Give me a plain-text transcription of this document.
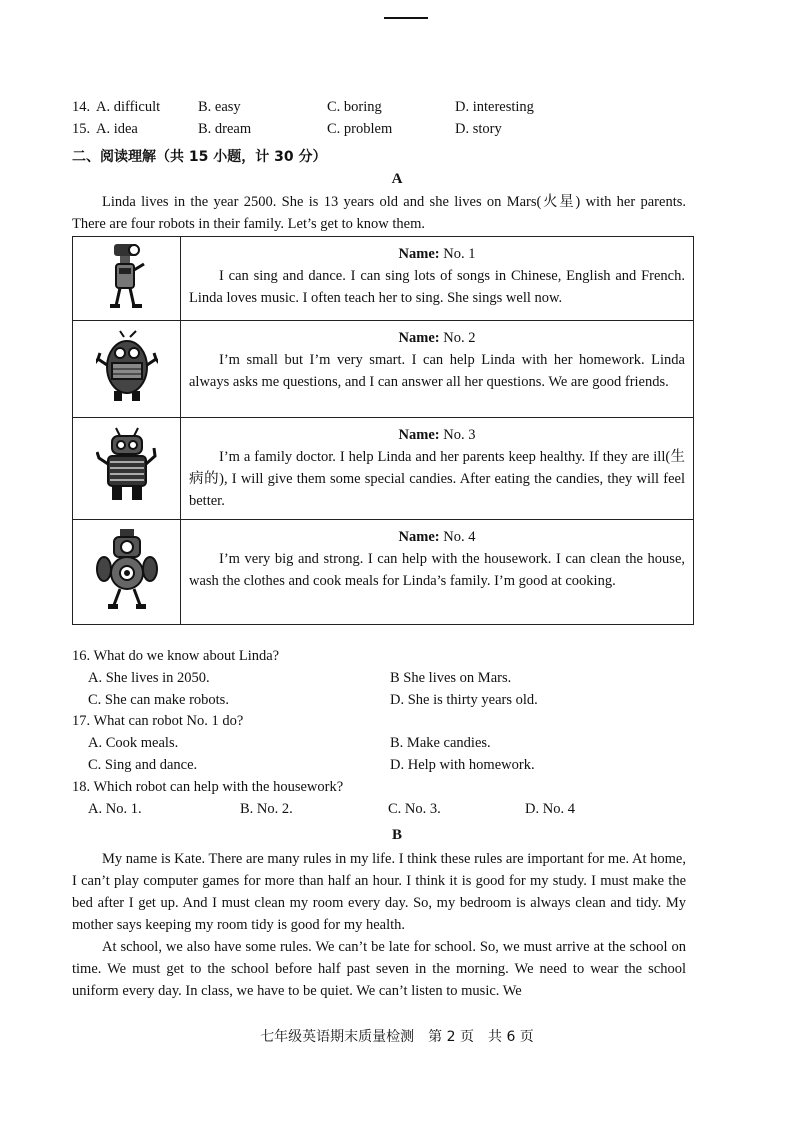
14. A. difficult	B. easy	C. boring	D. interesting
15. A. idea	B. dream	C. problem	D. story
二、阅读理解（共 15 小题，计 30 分）
A
Linda lives in the year 2500. She is 13 years old and she lives on Mars(火星) with her parents. There are four robots in their family. Let’s get to know them.

Name: No. 1
I can sing and dance. I can sing lots of songs in Chinese, English and French. Linda loves music. I often teach her to sing. She sings well now.

Name: No. 2
I’m small but I’m very smart. I can help Linda with her homework. Linda always asks me questions, and I can answer all her questions. We are good friends.

Name: No. 3
I’m a family doctor. I help Linda and her parents keep healthy. If they are ill(生病的), I will give them some special candies. After eating the candies, they will feel better.

Name: No. 4
I’m very big and strong. I can help with the housework. I can clean the house, wash the clothes and cook meals for Linda’s family. I’m good at cooking.
16. What do we know about Linda?
A. She lives in 2050.	B She lives on Mars.
C. She can make robots.	D. She is thirty years old.
17. What can robot No. 1 do?
A. Cook meals.	B. Make candies.
C. Sing and dance.	D. Help with homework.
18. Which robot can help with the housework?
A. No. 1.	B. No. 2.	C. No. 3.	D. No. 4
B
My name is Kate. There are many rules in my life. I think these rules are important for me. At home, I can’t play computer games for more than half an hour. I think it is good for my study. I must make the bed after I get up. And I must clean my room every day. So, my bedroom is always clean and tidy. My mother says keeping my room tidy is good for my health.
At school, we also have some rules. We can’t be late for school. So, we must arrive at the school on time. We must get to the school before half past seven in the morning. We need to wear the school uniform every day. In class, we have to be quiet. We can’t listen to music. We
七年级英语期末质量检测　第 2 页　共 6 页
